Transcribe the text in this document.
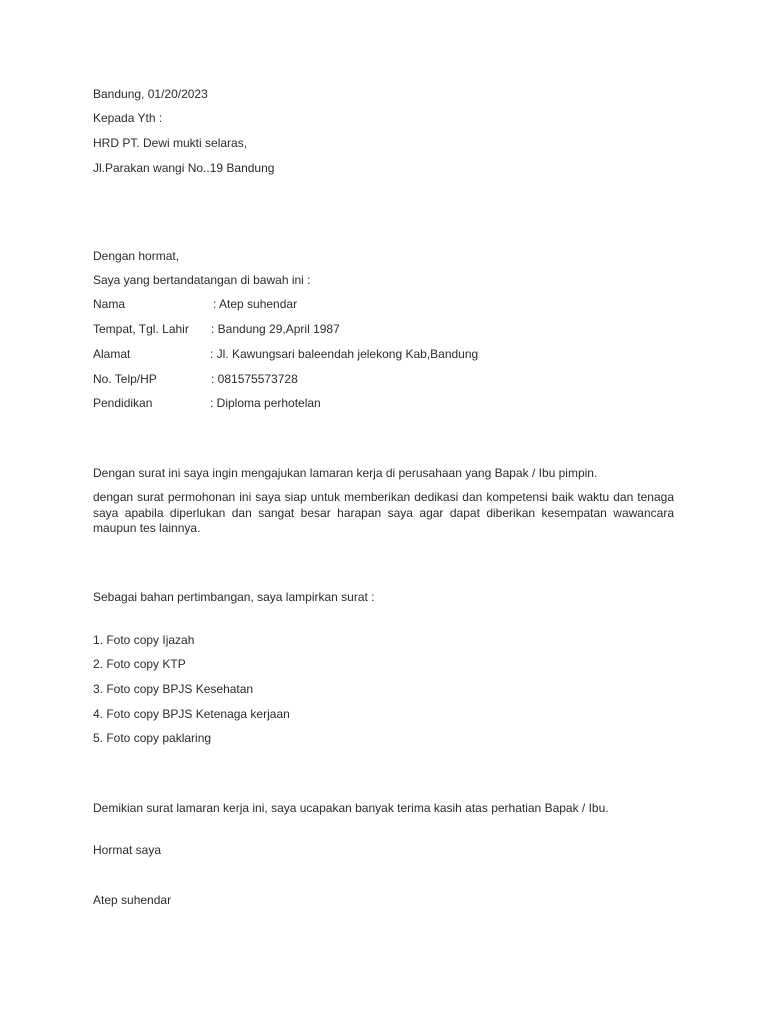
Bandung, 01/20/2023
Kepada Yth :
HRD PT. Dewi mukti selaras,
Jl.Parakan wangi No..19 Bandung
Dengan hormat,
Saya yang bertandatangan di bawah ini :
Nama	: Atep suhendar
Tempat, Tgl. Lahir : Bandung 29,April 1987
Alamat	: Jl. Kawungsari baleendah jelekong Kab,Bandung
No. Telp/HP	: 081575573728
Pendidikan	: Diploma perhotelan
Dengan surat ini saya ingin mengajukan lamaran kerja di perusahaan yang Bapak / Ibu pimpin.
dengan surat permohonan ini saya siap untuk memberikan dedikasi dan kompetensi baik waktu dan tenaga saya apabila diperlukan dan sangat besar harapan saya agar dapat diberikan kesempatan wawancara maupun tes lainnya.
Sebagai bahan pertimbangan, saya lampirkan surat :
1. Foto copy Ijazah
2. Foto copy KTP
3. Foto copy BPJS Kesehatan
4. Foto copy BPJS Ketenaga kerjaan
5. Foto copy paklaring
Demikian surat lamaran kerja ini, saya ucapakan banyak terima kasih atas perhatian Bapak / Ibu.
Hormat saya
Atep suhendar
